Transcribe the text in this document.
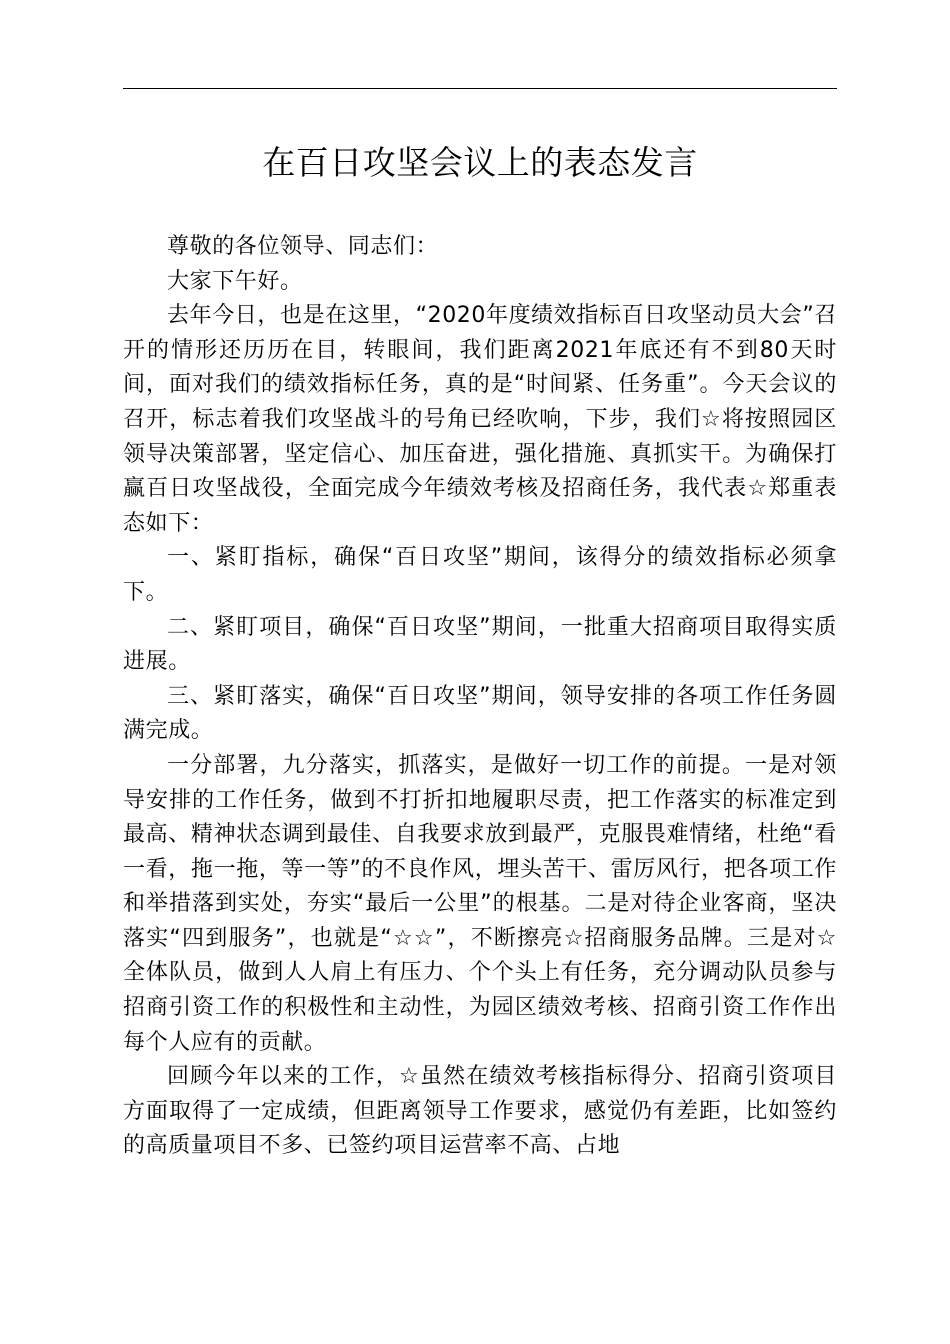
在百日攻坚会议上的表态发言

尊敬的各位领导、同志们：

大家下午好。

去年今日，也是在这里，“2020年度绩效指标百日攻坚动员大会”召开的情形还历历在目，转眼间，我们距离2021年底还有不到80天时间，面对我们的绩效指标任务，真的是“时间紧、任务重”。今天会议的召开，标志着我们攻坚战斗的号角已经吹响，下步，我们☆将按照园区领导决策部署，坚定信心、加压奋进，强化措施、真抓实干。为确保打赢百日攻坚战役，全面完成今年绩效考核及招商任务，我代表☆郑重表态如下：

一、紧盯指标，确保“百日攻坚”期间，该得分的绩效指标必须拿下。

二、紧盯项目，确保“百日攻坚”期间，一批重大招商项目取得实质进展。

三、紧盯落实，确保“百日攻坚”期间，领导安排的各项工作任务圆满完成。

一分部署，九分落实，抓落实，是做好一切工作的前提。一是对领导安排的工作任务，做到不打折扣地履职尽责，把工作落实的标准定到最高、精神状态调到最佳、自我要求放到最严，克服畏难情绪，杜绝“看一看，拖一拖，等一等”的不良作风，埋头苦干、雷厉风行，把各项工作和举措落到实处，夯实“最后一公里”的根基。二是对待企业客商，坚决落实“四到服务”，也就是“☆☆”，不断擦亮☆招商服务品牌。三是对☆全体队员，做到人人肩上有压力、个个头上有任务，充分调动队员参与招商引资工作的积极性和主动性，为园区绩效考核、招商引资工作作出每个人应有的贡献。

回顾今年以来的工作，☆虽然在绩效考核指标得分、招商引资项目方面取得了一定成绩，但距离领导工作要求，感觉仍有差距，比如签约的高质量项目不多、已签约项目运营率不高、占地
